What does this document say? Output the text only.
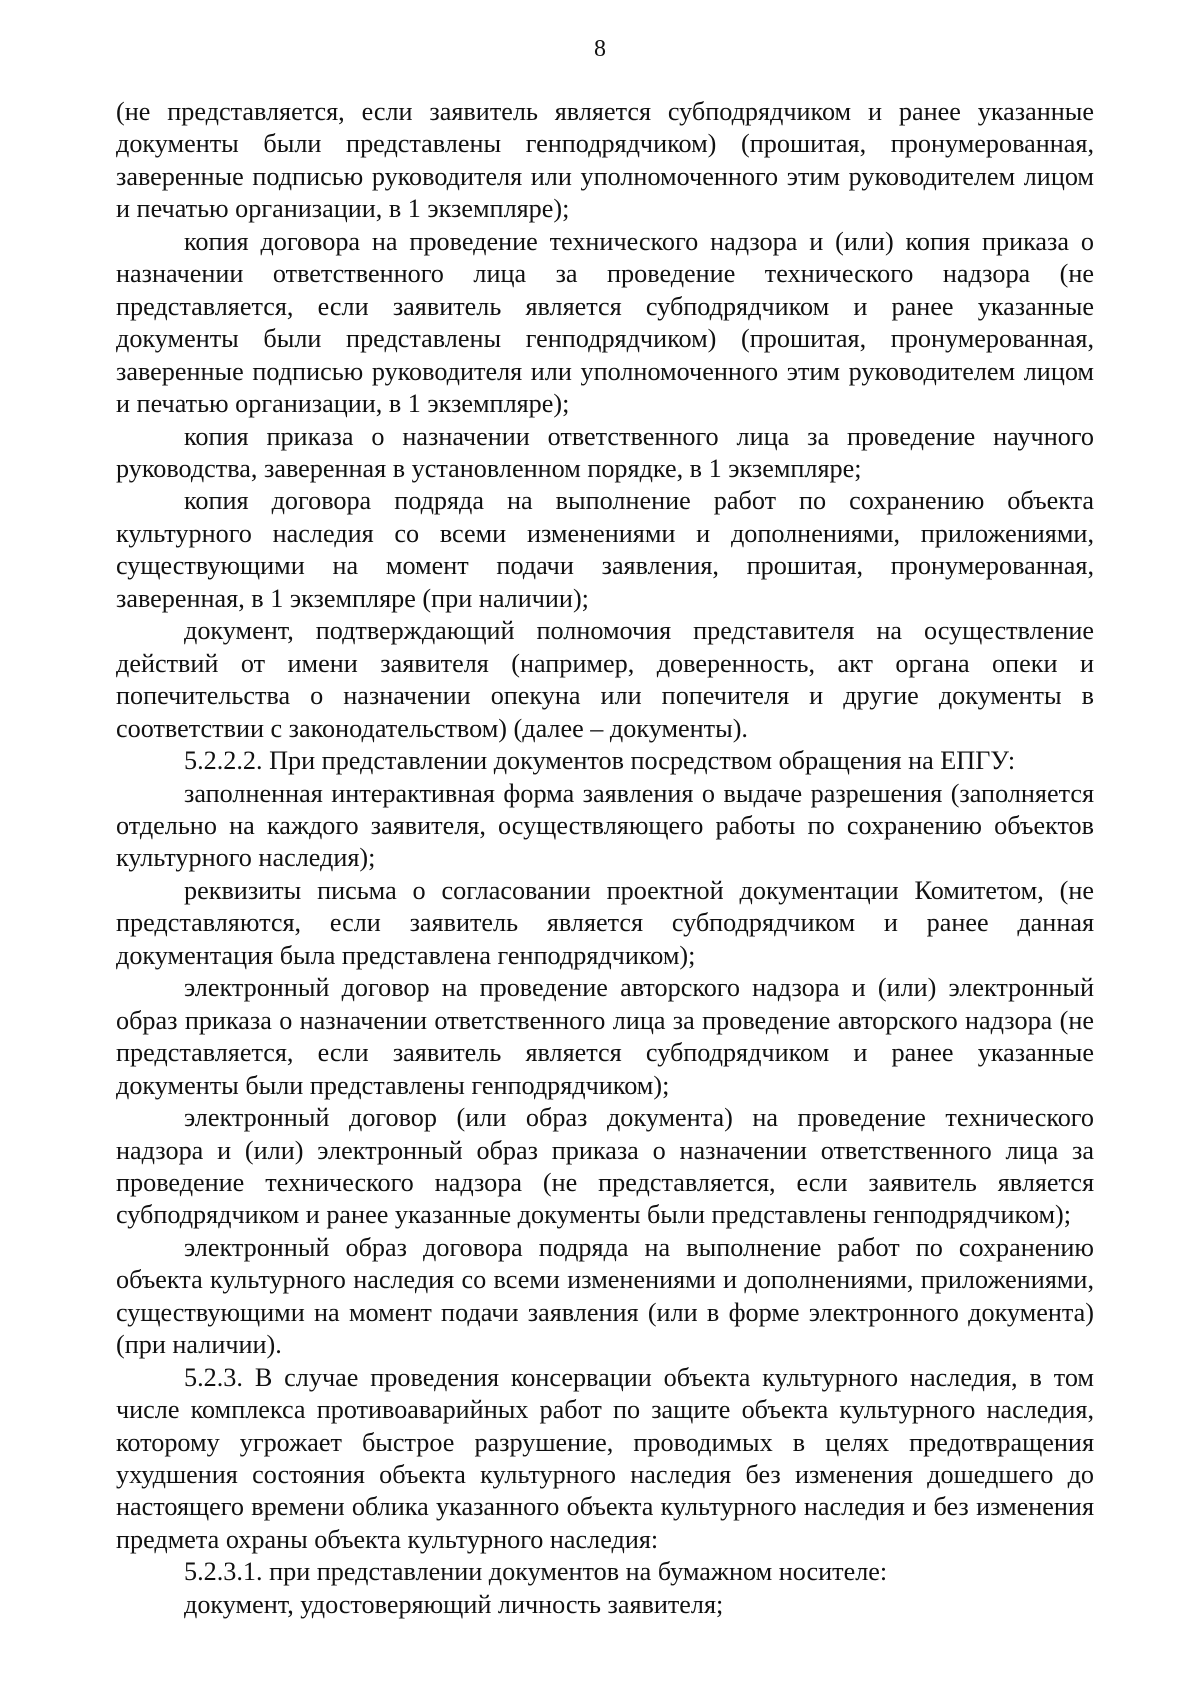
8

(не представляется, если заявитель является субподрядчиком и ранее указанные документы были представлены генподрядчиком) (прошитая, пронумерованная, заверенные подписью руководителя или уполномоченного этим руководителем лицом и печатью организации, в 1 экземпляре);

копия договора на проведение технического надзора и (или) копия приказа о назначении ответственного лица за проведение технического надзора (не представляется, если заявитель является субподрядчиком и ранее указанные документы были представлены генподрядчиком) (прошитая, пронумерованная, заверенные подписью руководителя или уполномоченного этим руководителем лицом и печатью организации, в 1 экземпляре);

копия приказа о назначении ответственного лица за проведение научного руководства, заверенная в установленном порядке, в 1 экземпляре;

копия договора подряда на выполнение работ по сохранению объекта культурного наследия со всеми изменениями и дополнениями, приложениями, существующими на момент подачи заявления, прошитая, пронумерованная, заверенная, в 1 экземпляре (при наличии);

документ, подтверждающий полномочия представителя на осуществление действий от имени заявителя (например, доверенность, акт органа опеки и попечительства о назначении опекуна или попечителя и другие документы в соответствии с законодательством) (далее – документы).

5.2.2.2. При представлении документов посредством обращения на ЕПГУ:

заполненная интерактивная форма заявления о выдаче разрешения (заполняется отдельно на каждого заявителя, осуществляющего работы по сохранению объектов культурного наследия);

реквизиты письма о согласовании проектной документации Комитетом, (не представляются, если заявитель является субподрядчиком и ранее данная документация была представлена генподрядчиком);

электронный договор на проведение авторского надзора и (или) электронный образ приказа о назначении ответственного лица за проведение авторского надзора (не представляется, если заявитель является субподрядчиком и ранее указанные документы были представлены генподрядчиком);

электронный договор (или образ документа) на проведение технического надзора и (или) электронный образ приказа о назначении ответственного лица за проведение технического надзора (не представляется, если заявитель является субподрядчиком и ранее указанные документы были представлены генподрядчиком);

электронный образ договора подряда на выполнение работ по сохранению объекта культурного наследия со всеми изменениями и дополнениями, приложениями, существующими на момент подачи заявления (или в форме электронного документа) (при наличии).

5.2.3. В случае проведения консервации объекта культурного наследия, в том числе комплекса противоаварийных работ по защите объекта культурного наследия, которому угрожает быстрое разрушение, проводимых в целях предотвращения ухудшения состояния объекта культурного наследия без изменения дошедшего до настоящего времени облика указанного объекта культурного наследия и без изменения предмета охраны объекта культурного наследия:

5.2.3.1. при представлении документов на бумажном носителе:

документ, удостоверяющий личность заявителя;
